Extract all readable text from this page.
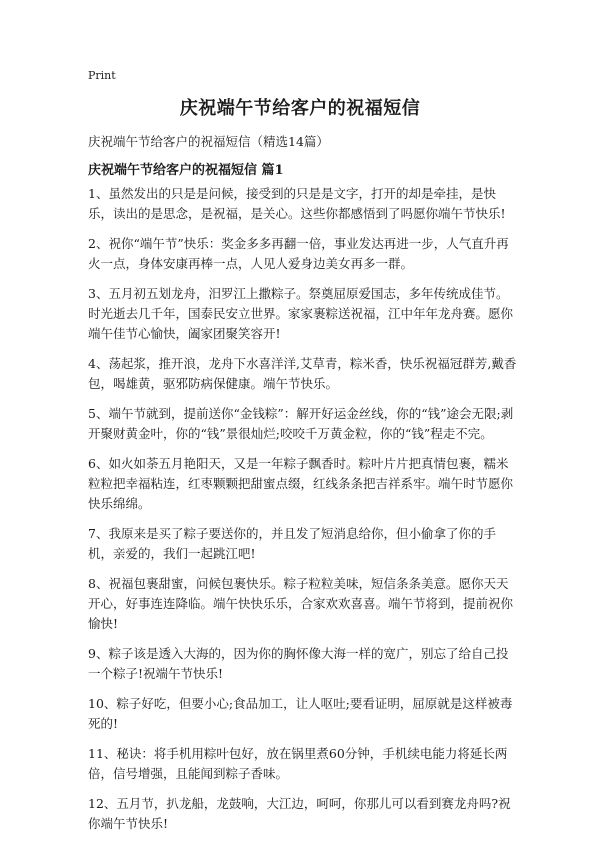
Print
庆祝端午节给客户的祝福短信

庆祝端午节给客户的祝福短信（精选14篇）

庆祝端午节给客户的祝福短信 篇1

1、虽然发出的只是是问候，接受到的只是是文字，打开的却是牵挂，是快乐，读出的是思念，是祝福，是关心。这些你都感悟到了吗愿你端午节快乐!
2、祝你“端午节”快乐：奖金多多再翻一倍，事业发达再进一步，人气直升再火一点，身体安康再棒一点，人见人爱身边美女再多一群。
3、五月初五划龙舟，汨罗江上撒粽子。祭奠屈原爱国志，多年传统成佳节。时光逝去几千年，国泰民安立世界。家家裹粽送祝福，江中年年龙舟赛。愿你端午佳节心愉快，阖家团聚笑容开!
4、荡起浆，推开浪，龙舟下水喜洋洋,艾草青，粽米香，快乐祝福冠群芳,戴香包，喝雄黄，驱邪防病保健康。端午节快乐。
5、端午节就到，提前送你“金钱粽”：解开好运金丝线，你的“钱”途会无限;剥开聚财黄金叶，你的“钱”景很灿烂;咬咬千万黄金粒，你的“钱”程走不完。
6、如火如荼五月艳阳天，又是一年粽子飘香时。粽叶片片把真情包裹，糯米粒粒把幸福粘连，红枣颗颗把甜蜜点缀，红线条条把吉祥系牢。端午时节愿你快乐绵绵。
7、我原来是买了粽子要送你的，并且发了短消息给你，但小偷拿了你的手机，亲爱的，我们一起跳江吧!
8、祝福包裹甜蜜，问候包裹快乐。粽子粒粒美味，短信条条美意。愿你天天开心，好事连连降临。端午快快乐乐，合家欢欢喜喜。端午节将到，提前祝你愉快!
9、粽子该是透入大海的，因为你的胸怀像大海一样的宽广，别忘了给自己投一个粽子!祝端午节快乐!
10、粽子好吃，但要小心;食品加工，让人呕吐;要看证明，屈原就是这样被毒死的!
11、秘诀：将手机用粽叶包好，放在锅里煮60分钟，手机续电能力将延长两倍，信号增强，且能闻到粽子香味。
12、五月节，扒龙船，龙鼓响，大江边，呵呵，你那儿可以看到赛龙舟吗?祝你端午节快乐!
